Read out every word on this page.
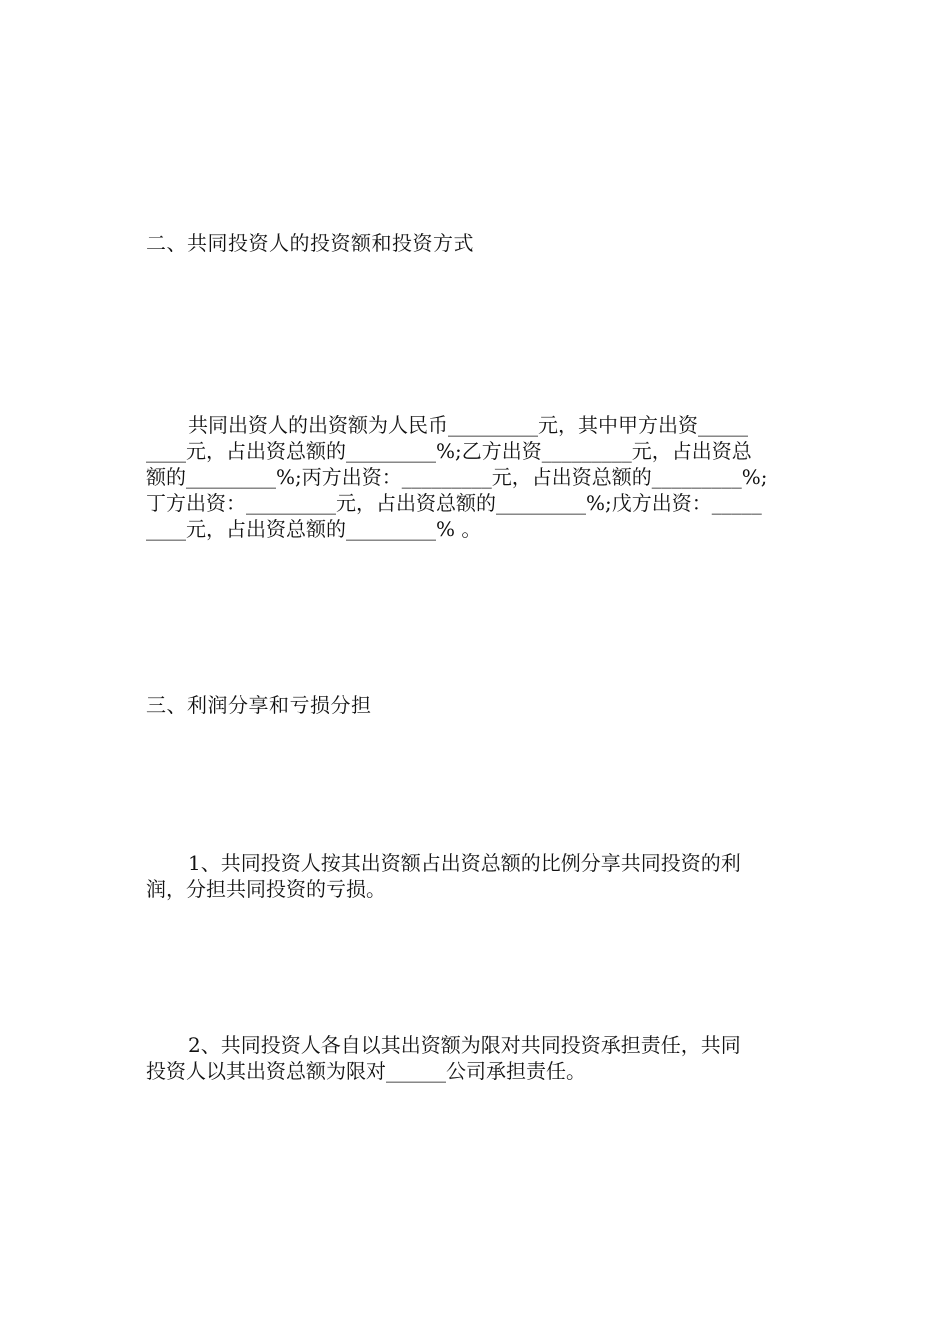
二、共同投资人的投资额和投资方式

共同出资人的出资额为人民币_________元，其中甲方出资_____
____元，占出资总额的_________%;乙方出资_________元，占出资总
额的_________%;丙方出资：_________元，占出资总额的_________%;
丁方出资：_________元，占出资总额的_________%;戊方出资：_____
____元，占出资总额的_________% 。

三、利润分享和亏损分担

1、共同投资人按其出资额占出资总额的比例分享共同投资的利
润，分担共同投资的亏损。

2、共同投资人各自以其出资额为限对共同投资承担责任，共同
投资人以其出资总额为限对______公司承担责任。
